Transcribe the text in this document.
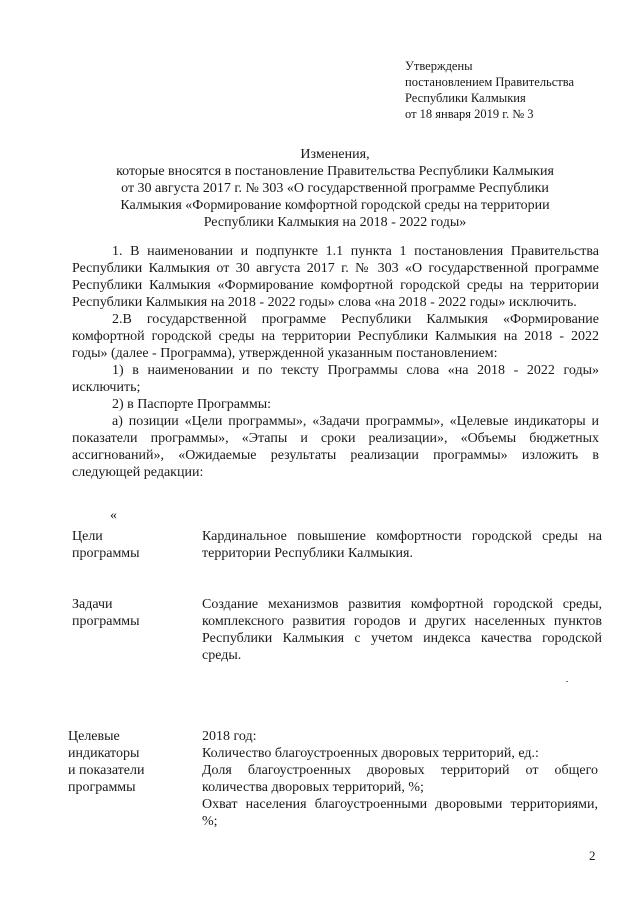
Утверждены
постановлением Правительства
Республики Калмыкия
от 18 января 2019 г. № 3
Изменения,
которые вносятся в постановление Правительства Республики Калмыкия
от 30 августа 2017 г. № 303 «О государственной программе Республики
Калмыкия «Формирование комфортной городской среды на территории
Республики Калмыкия на 2018 - 2022 годы»

1. В наименовании и подпункте 1.1 пункта 1 постановления Правительства Республики Калмыкия от 30 августа 2017 г. № 303 «О государственной программе Республики Калмыкия «Формирование комфортной городской среды на территории Республики Калмыкия на 2018 - 2022 годы» слова «на 2018 - 2022 годы» исключить.

2.В государственной программе Республики Калмыкия «Формирование комфортной городской среды на территории Республики Калмыкия на 2018 - 2022 годы» (далее - Программа), утвержденной указанным постановлением:

1) в наименовании и по тексту Программы слова «на 2018 - 2022 годы» исключить;

2) в Паспорте Программы:

а) позиции «Цели программы», «Задачи программы», «Целевые индикаторы и показатели программы», «Этапы и сроки реализации», «Объемы бюджетных ассигнований», «Ожидаемые результаты реализации программы» изложить в следующей редакции:

«
Цели
программы
Кардинальное повышение комфортности городской среды на территории Республики Калмыкия.
Задачи
программы
Создание механизмов развития комфортной городской среды, комплексного развития городов и других населенных пунктов Республики Калмыкия с учетом индекса качества городской среды.
Целевые
индикаторы
и показатели
программы

2018 год:

Количество благоустроенных дворовых территорий, ед.:

Доля благоустроенных дворовых территорий от общего количества дворовых территорий, %;

Охват населения благоустроенными дворовыми территориями, %;

2
